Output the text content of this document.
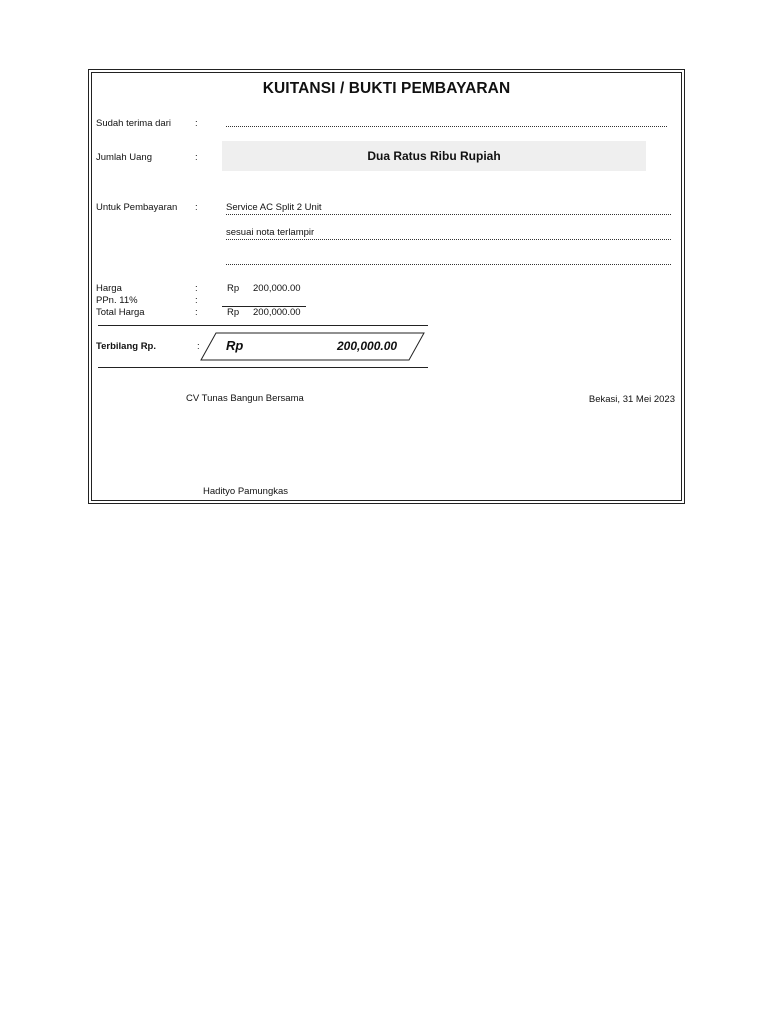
KUITANSI / BUKTI PEMBAYARAN
Sudah terima dari	:
Jumlah Uang	:	Dua Ratus Ribu Rupiah
Untuk Pembayaran :	Service AC Split 2 Unit
sesuai nota terlampir
Harga	:	Rp 200,000.00
PPn. 11%	:
Total Harga	:	Rp 200,000.00
Terbilang Rp.	: Rp	200,000.00
CV Tunas Bangun Bersama	Bekasi, 31 Mei 2023
Hadityo Pamungkas
